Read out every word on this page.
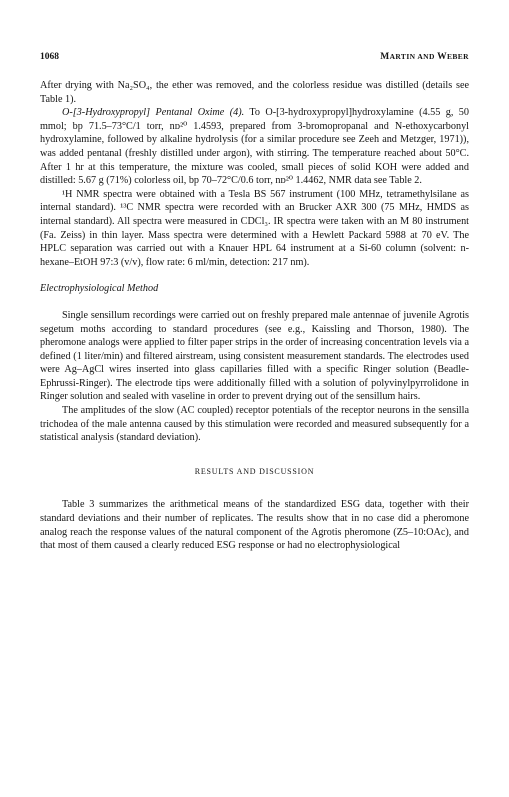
1068	MARTIN AND WEBER

After drying with Na₂SO₄, the ether was removed, and the colorless residue was distilled (details see Table 1).

O-[3-Hydroxypropyl] Pentanal Oxime (4). To O-[3-hydroxypropyl]hydroxylamine (4.55 g, 50 mmol; bp 71.5–73°C/1 torr, nᴅ²⁰ 1.4593, prepared from 3-bromopropanal and N-ethoxycarbonyl hydroxylamine, followed by alkaline hydrolysis (for a similar procedure see Zeeh and Metzger, 1971)), was added pentanal (freshly distilled under argon), with stirring. The temperature reached about 50°C. After 1 hr at this temperature, the mixture was cooled, small pieces of solid KOH were added and distilled: 5.67 g (71%) colorless oil, bp 70–72°C/0.6 torr, nᴅ²⁰ 1.4462, NMR data see Table 2.

¹H NMR spectra were obtained with a Tesla BS 567 instrument (100 MHz, tetramethylsilane as internal standard). ¹³C NMR spectra were recorded with an Brucker AXR 300 (75 MHz, HMDS as internal standard). All spectra were measured in CDCl₃. IR spectra were taken with an M 80 instrument (Fa. Zeiss) in thin layer. Mass spectra were determined with a Hewlett Packard 5988 at 70 eV. The HPLC separation was carried out with a Knauer HPL 64 instrument at a Si-60 column (solvent: n-hexane–EtOH 97:3 (v/v), flow rate: 6 ml/min, detection: 217 nm).

Electrophysiological Method

Single sensillum recordings were carried out on freshly prepared male antennae of juvenile Agrotis segetum moths according to standard procedures (see e.g., Kaissling and Thorson, 1980). The pheromone analogs were applied to filter paper strips in the order of increasing concentration levels via a defined (1 liter/min) and filtered airstream, using consistent measurement standards. The electrodes used were Ag–AgCl wires inserted into glass capillaries filled with a specific Ringer solution (Beadle-Ephrussi-Ringer). The electrode tips were additionally filled with a solution of polyvinylpyrrolidone in Ringer solution and sealed with vaseline in order to prevent drying out of the sensillum hairs.

The amplitudes of the slow (AC coupled) receptor potentials of the receptor neurons in the sensilla trichodea of the male antenna caused by this stimulation were recorded and measured subsequently for a statistical analysis (standard deviation).

RESULTS AND DISCUSSION

Table 3 summarizes the arithmetical means of the standardized ESG data, together with their standard deviations and their number of replicates. The results show that in no case did a pheromone analog reach the response values of the natural component of the Agrotis pheromone (Z5–10:OAc), and that most of them caused a clearly reduced ESG response or had no electrophysiological
